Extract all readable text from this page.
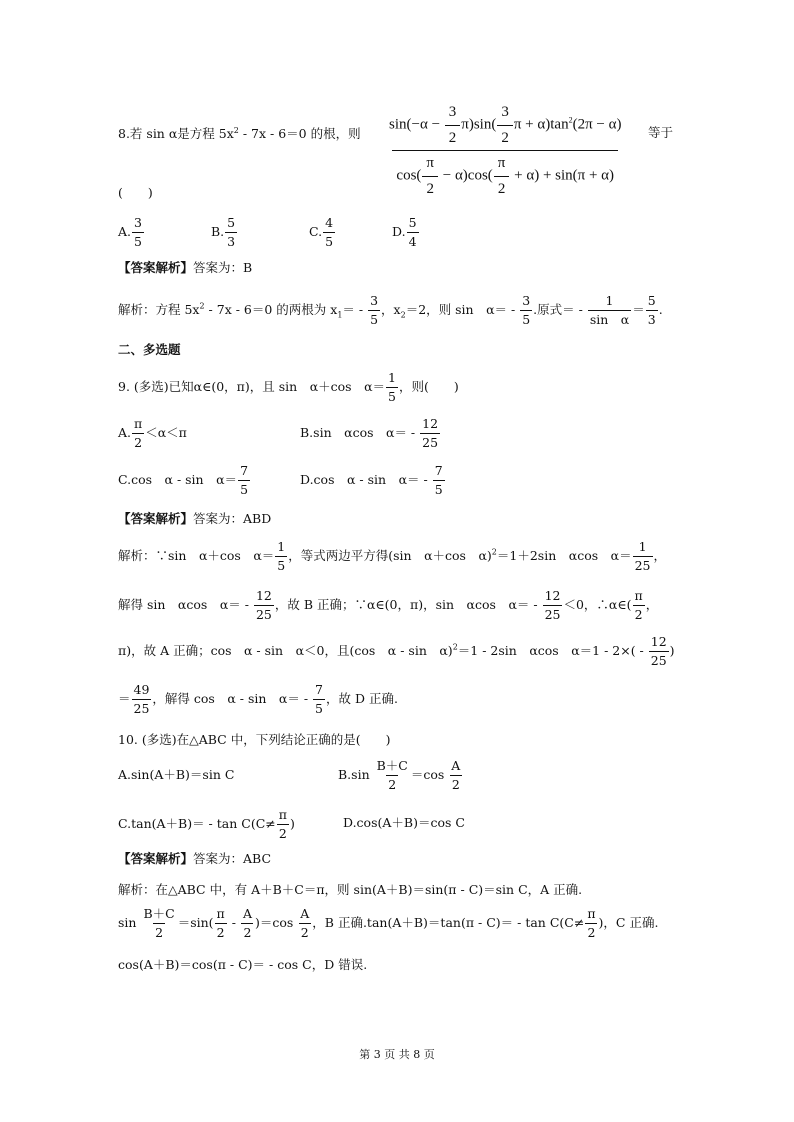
8.若 sin α是方程 $5x^2 - 7x - 6=0$ 的根，则 $\frac{\sin(-\alpha - \frac{3}{2} \pi)\sin( \frac{3}{2} \pi + \alpha)\tan^2(2\pi - \alpha)}{\cos( \frac{\pi}{2} - \alpha)\cos( \frac{\pi}{2} + \alpha) + \sin(\pi + \alpha)}$ 等于
(　　)
A. $\frac{3}{5}$	B. $\frac{5}{3}$	C. $\frac{4}{5}$	D. $\frac{5}{4}$
【答案解析】答案为：B
解析：方程 $5x^2 - 7x - 6=0$ 的两根为 $x_1= - \frac{3}{5}$ ，$x_2=2$，则 sin　$\alpha= - \frac{3}{5}$ .原式＝ - $\frac{1}{\text{sin　α}} = \frac{5}{3}$ .
二、多选题
9. (多选)已知α∈(0，π)，且 sin　α＋cos　$\alpha= \frac{1}{5}$ ，则(　　)
A. $\frac{\pi}{2} <\alpha<\pi$	B.sin　αcos　$\alpha= - \frac{12}{25}$
C.cos　α - sin　$\alpha= \frac{7}{5}$	D.cos　α - sin　$\alpha= - \frac{7}{5}$
【答案解析】答案为：ABD
解析：∵sin　α＋cos　$\alpha= \frac{1}{5}$ ，等式两边平方得(sin　α＋cos　α)$^2$＝1＋2sin　αcos　$\alpha= \frac{1}{25}$ ，
解得 sin　αcos　$\alpha= - \frac{12}{25}$ ，故 B 正确；∵α∈(0，π)，sin　αcos　$\alpha= - \frac{12}{25} <0$，∴α∈( $\frac{\pi}{2}$ ，
π)，故 A 正确；cos　α - sin　α＜0，且(cos　α - sin　α)$^2$＝1 - 2sin　αcos　$\alpha=1 - 2\times( - \frac{12}{25}$ )
＝ $\frac{49}{25}$ ，解得 cos　α - sin　$\alpha= - \frac{7}{5}$ ，故 D 正确.
10. (多选)在△ABC 中，下列结论正确的是(　　)
A.sin(A＋B)＝sin C	$B.\sin \frac{B+C}{2} =\cos \frac{A}{2}$
$C.\tan(A+B)= - \tan C(C\ne \frac{\pi}{2}$ )	D.cos(A＋B)＝cos C
【答案解析】答案为：ABC
解析：在△ABC 中，有 A＋B＋C＝π，则 sin(A＋B)＝sin(π - C)＝sin C，A 正确.
$\sin \frac{B+C}{2} =\sin( \frac{\pi}{2} - \frac{A}{2} )=\cos \frac{A}{2}$ ，B 正确$.\tan(A+B)=\tan(\pi - C)= - \tan C(C\ne \frac{\pi}{2}$ )，C 正确.
cos(A＋B)＝cos(π - C)＝ - cos C，D 错误.
第 3 页 共 8 页
